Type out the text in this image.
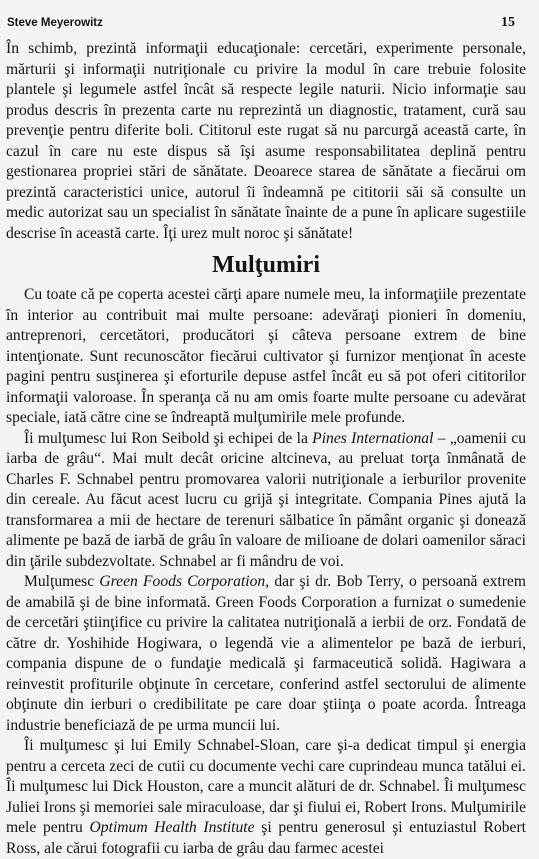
Steve Meyerowitz	15

În schimb, prezintă informaţii educaţionale: cercetări, experimente personale, mărturii şi informaţii nutriţionale cu privire la modul în care trebuie folosite plantele şi legumele astfel încât să respecte legile naturii. Nicio informaţie sau produs descris în prezenta carte nu reprezintă un diagnostic, tratament, cură sau prevenţie pentru diferite boli. Cititorul este rugat să nu parcurgă această carte, în cazul în care nu este dispus să îşi asume responsabilitatea deplină pentru gestionarea propriei stări de sănătate. Deoarece starea de sănătate a fiecărui om prezintă caracteristici unice, autorul îi îndeamnă pe cititorii săi să consulte un medic autorizat sau un specialist în sănătate înainte de a pune în aplicare sugestiile descrise în această carte. Îţi urez mult noroc şi sănătate!

Mulţumiri

Cu toate că pe coperta acestei cărţi apare numele meu, la informaţiile prezentate în interior au contribuit mai multe persoane: adevăraţi pionieri în domeniu, antreprenori, cercetători, producători şi câteva persoane extrem de bine intenţionate. Sunt recunoscător fiecărui cultivator şi furnizor menţionat în aceste pagini pentru susţinerea şi eforturile depuse astfel încât eu să pot oferi cititorilor informaţii valoroase. În speranţa că nu am omis foarte multe persoane cu adevărat speciale, iată către cine se îndreaptă mulţumirile mele profunde.

Îi mulţumesc lui Ron Seibold şi echipei de la Pines International – „oamenii cu iarba de grâu“. Mai mult decât oricine altcineva, au preluat torţa înmânată de Charles F. Schnabel pentru promovarea valorii nutriţionale a ierburilor provenite din cereale. Au făcut acest lucru cu grijă şi integritate. Compania Pines ajută la transformarea a mii de hectare de terenuri sălbatice în pământ organic şi donează alimente pe bază de iarbă de grâu în valoare de milioane de dolari oamenilor săraci din ţările subdezvoltate. Schnabel ar fi mândru de voi.

Mulţumesc Green Foods Corporation, dar şi dr. Bob Terry, o persoană extrem de amabilă şi de bine informată. Green Foods Corporation a furnizat o sumedenie de cercetări ştiinţifice cu privire la calitatea nutriţională a ierbii de orz. Fondată de către dr. Yoshihide Hogiwara, o legendă vie a alimentelor pe bază de ierburi, compania dispune de o fundaţie medicală şi farmaceutică solidă. Hagiwara a reinvestit profiturile obţinute în cercetare, conferind astfel sectorului de alimente obţinute din ierburi o credibilitate pe care doar ştiinţa o poate acorda. Întreaga industrie beneficiază de pe urma muncii lui.

Îi mulţumesc şi lui Emily Schnabel-Sloan, care şi-a dedicat timpul şi energia pentru a cerceta zeci de cutii cu documente vechi care cuprindeau munca tatălui ei. Îi mulţumesc lui Dick Houston, care a muncit alături de dr. Schnabel. Îi mulţumesc Juliei Irons şi memoriei sale miraculoase, dar şi fiului ei, Robert Irons. Mulţumirile mele pentru Optimum Health Institute şi pentru generosul şi entuziastul Robert Ross, ale cărui fotografii cu iarba de grâu dau farmec acestei
